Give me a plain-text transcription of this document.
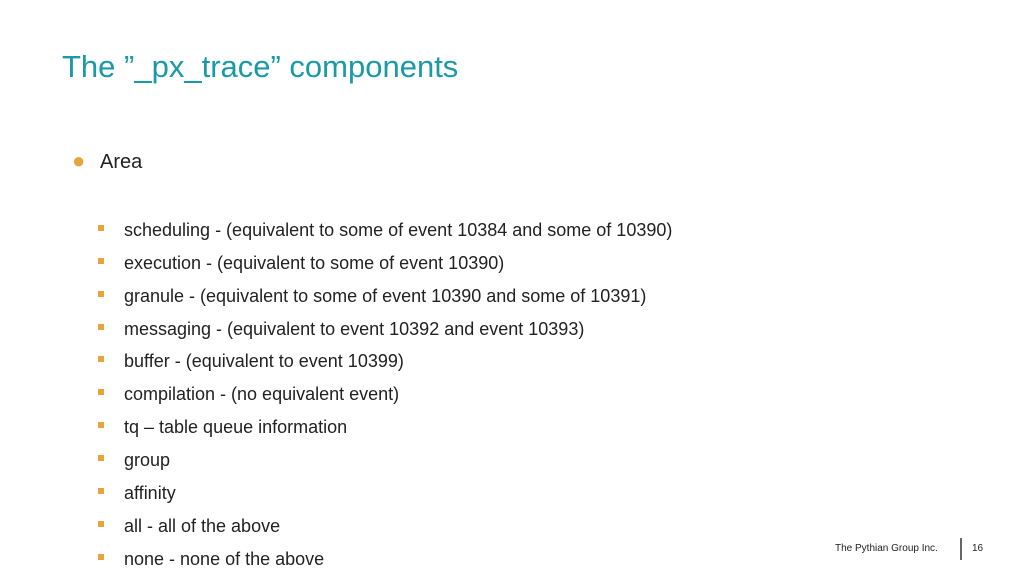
The ”_px_trace” components
● Area
scheduling - (equivalent to some of event 10384 and some of 10390)
execution - (equivalent to some of event 10390)
granule - (equivalent to some of event 10390 and some of 10391)
messaging - (equivalent to event 10392 and event 10393)
buffer - (equivalent to event 10399)
compilation - (no equivalent event)
tq – table queue information
group
affinity
all - all of the above
none - none of the above
The Pythian Group Inc.	16
